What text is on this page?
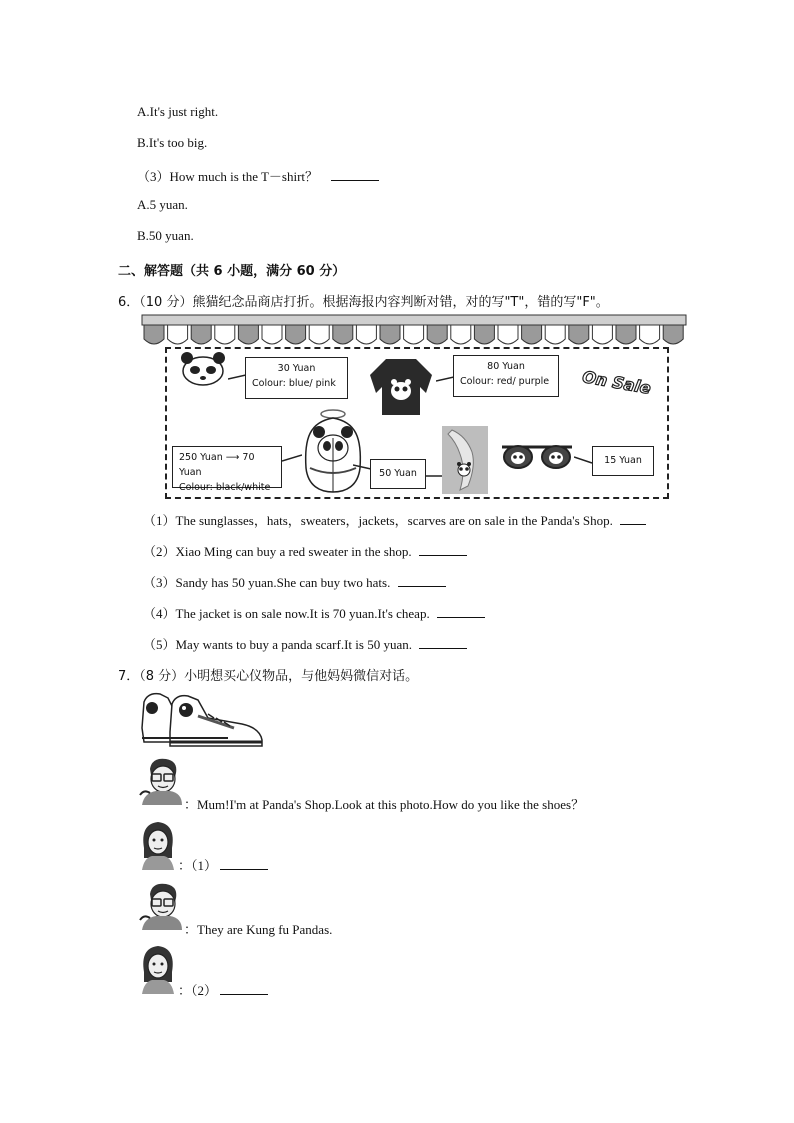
A.It's just right.
B.It's too big.
（3）How much is the T－shirt？
A.5 yuan.
B.50 yuan.
二、解答题（共 6 小题，满分 60 分）
6．（10 分）熊猫纪念品商店打折。根据海报内容判断对错，对的写"T"，错的写"F"。
30 Yuan
Colour: blue/ pink
80 Yuan
Colour: red/ purple On Sale
250 Yuan ⟶ 70 Yuan
Colour: black/white
50 Yuan
15 Yuan
（1）The sunglasses，hats，sweaters，jackets，scarves are on sale in the Panda's Shop.
（2）Xiao Ming can buy a red sweater in the shop.
（3）Sandy has 50 yuan.She can buy two hats.
（4）The jacket is on sale now.It is 70 yuan.It's cheap.
（5）May wants to buy a panda scarf.It is 50 yuan.
7．（8 分）小明想买心仪物品，与他妈妈微信对话。
：Mum!I'm at Panda's Shop.Look at this photo.How do you like the shoes？
：（1）
：They are Kung fu Pandas.
：（2）
